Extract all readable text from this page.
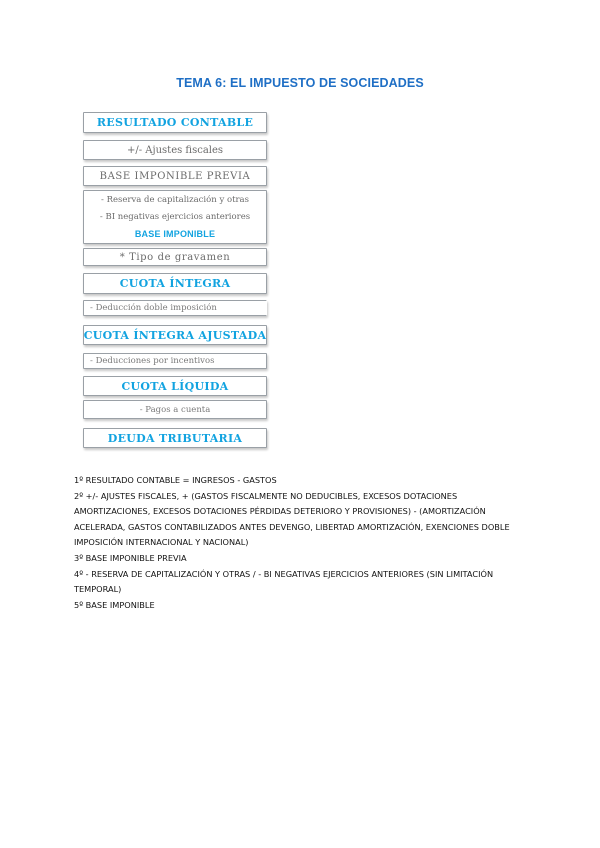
TEMA 6: EL IMPUESTO DE SOCIEDADES
RESULTADO CONTABLE
+/- Ajustes fiscales
BASE IMPONIBLE PREVIA
- Reserva de capitalización y otras
- BI negativas ejercicios anteriores
BASE IMPONIBLE
* Tipo de gravamen
CUOTA ÍNTEGRA
- Deducción doble imposición
CUOTA ÍNTEGRA AJUSTADA
- Deducciones por incentivos
CUOTA LÍQUIDA
- Pagos a cuenta
DEUDA TRIBUTARIA

1º RESULTADO CONTABLE = INGRESOS - GASTOS

2º +/- AJUSTES FISCALES, + (GASTOS FISCALMENTE NO DEDUCIBLES, EXCESOS DOTACIONES AMORTIZACIONES, EXCESOS DOTACIONES PÉRDIDAS DETERIORO Y PROVISIONES) - (AMORTIZACIÓN ACELERADA, GASTOS CONTABILIZADOS ANTES DEVENGO, LIBERTAD AMORTIZACIÓN, EXENCIONES DOBLE IMPOSICIÓN INTERNACIONAL Y NACIONAL)

3º BASE IMPONIBLE PREVIA

4º - RESERVA DE CAPITALIZACIÓN Y OTRAS / - BI NEGATIVAS EJERCICIOS ANTERIORES (SIN LIMITACIÓN TEMPORAL)

5º BASE IMPONIBLE
